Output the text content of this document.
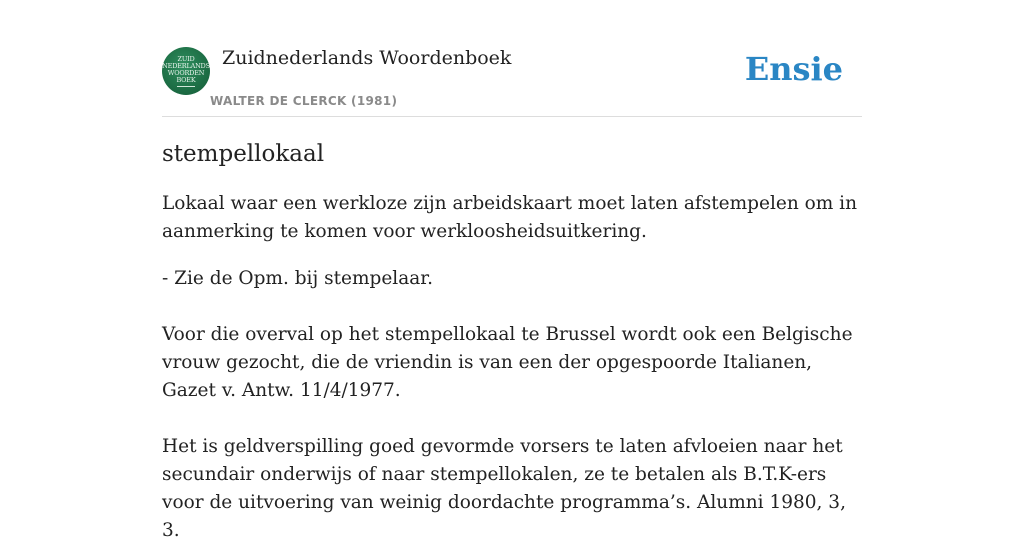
ZUID
NEDERLANDS
WOORDEN
BOEK
Zuidnederlands Woordenboek
WALTER DE CLERCK (1981)
Ensie
stempellokaal

Lokaal waar een werkloze zijn arbeidskaart moet laten afstempelen om in aanmerking te komen voor werkloosheidsuitkering.

- Zie de Opm. bij stempelaar.

Voor die overval op het stempellokaal te Brussel wordt ook een Belgische vrouw gezocht, die de vriendin is van een der opgespoorde Italianen, Gazet v. Antw. 11/4/1977.

Het is geldverspilling goed gevormde vorsers te laten afvloeien naar het secundair onderwijs of naar stempellokalen, ze te betalen als B.T.K-ers voor de uitvoering van weinig doordachte programma’s. Alumni 1980, 3, 3.
